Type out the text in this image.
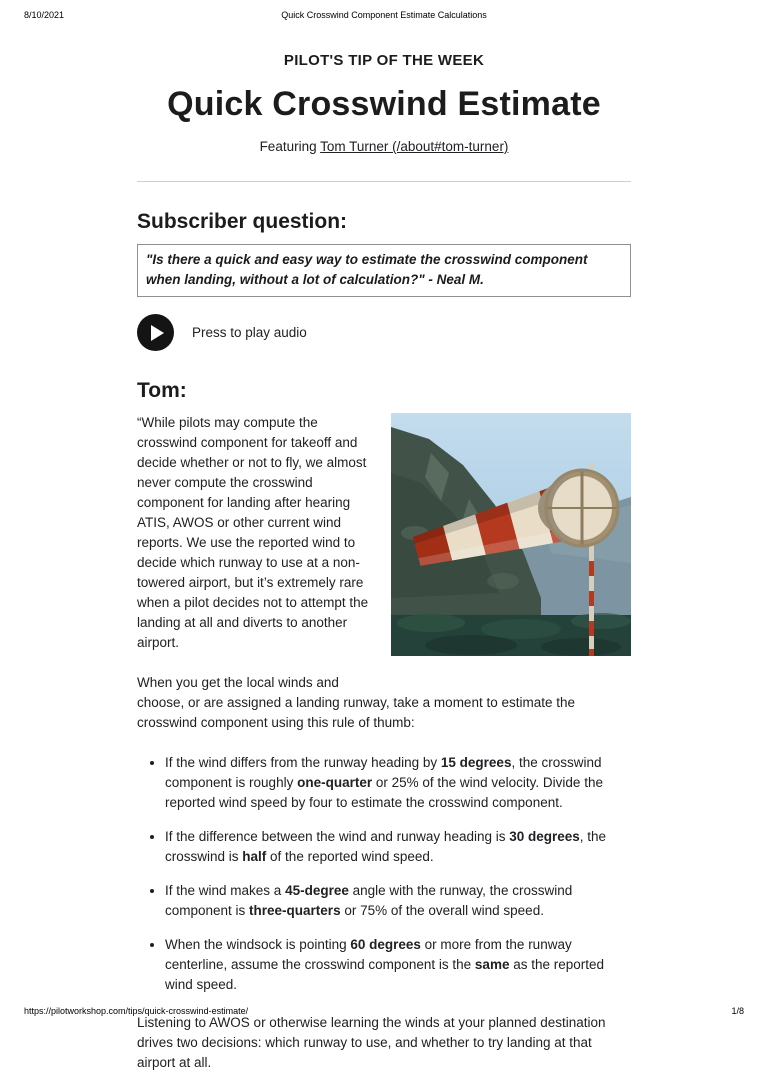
8/10/2021	Quick Crosswind Component Estimate Calculations
PILOT'S TIP OF THE WEEK
Quick Crosswind Estimate
Featuring Tom Turner (/about#tom-turner)
Subscriber question:
"Is there a quick and easy way to estimate the crosswind component when landing, without a lot of calculation?" - Neal M.
Press to play audio
Tom:

“While pilots may compute the crosswind component for takeoff and decide whether or not to fly, we almost never compute the crosswind component for landing after hearing ATIS, AWOS or other current wind reports. We use the reported wind to decide which runway to use at a non-towered airport, but it’s extremely rare when a pilot decides not to attempt the landing at all and diverts to another airport.

When you get the local winds and choose, or are assigned a landing runway, take a moment to estimate the crosswind component using this rule of thumb:

• If the wind differs from the runway heading by 15 degrees, the crosswind component is roughly one-quarter or 25% of the wind velocity. Divide the reported wind speed by four to estimate the crosswind component.
• If the difference between the wind and runway heading is 30 degrees, the crosswind is half of the reported wind speed.
• If the wind makes a 45-degree angle with the runway, the crosswind component is three-quarters or 75% of the overall wind speed.
• When the windsock is pointing 60 degrees or more from the runway centerline, assume the crosswind component is the same as the reported wind speed.

Listening to AWOS or otherwise learning the winds at your planned destination drives two decisions: which runway to use, and whether to try landing at that airport at all.

https://pilotworkshop.com/tips/quick-crosswind-estimate/	1/8
